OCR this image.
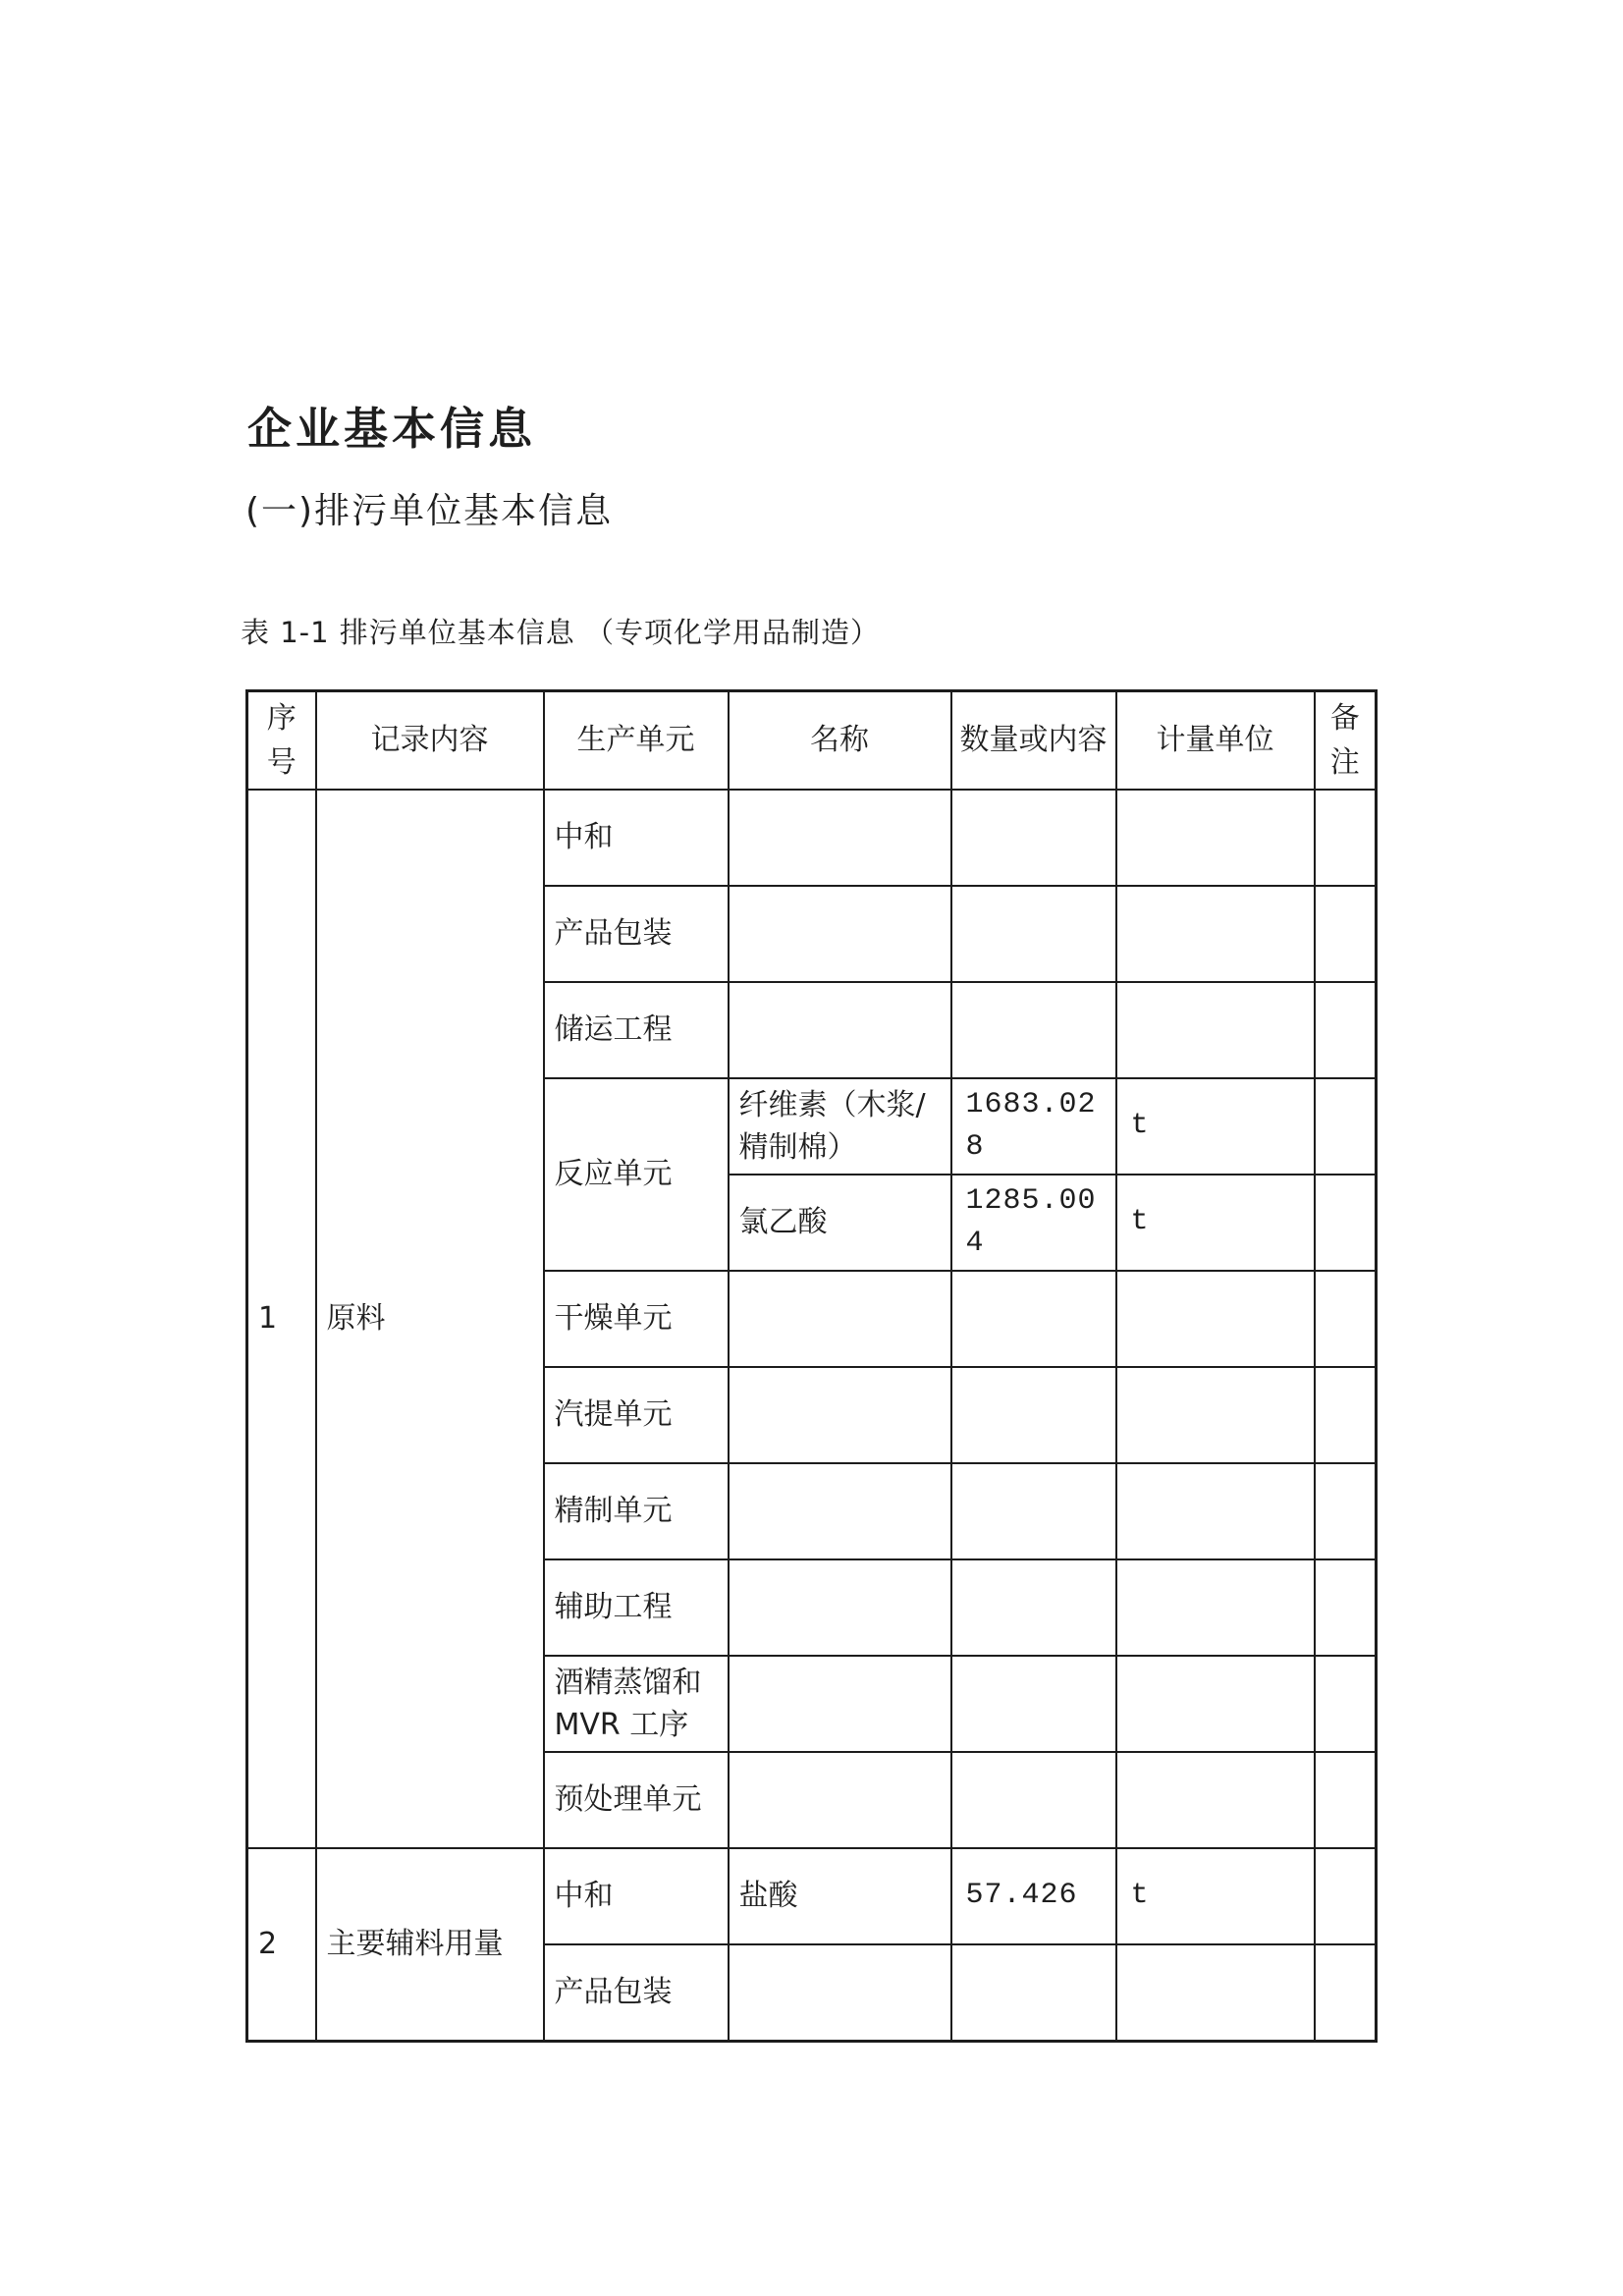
企业基本信息
(一)排污单位基本信息
表 1-1 排污单位基本信息 （专项化学用品制造）
序号	记录内容	生产单元	名称	数量或内容	计量单位	备注

1	原料	中和				
		产品包装				
		储运工程				
		反应单元	纤维素（木浆/精制棉）	1683.028	t	
			氯乙酸	1285.004	t	
		干燥单元				
		汽提单元				
		精制单元				
		辅助工程				
		酒精蒸馏和MVR 工序				
		预处理单元				
2	主要辅料用量	中和	盐酸	57.426	t	
		产品包装				
